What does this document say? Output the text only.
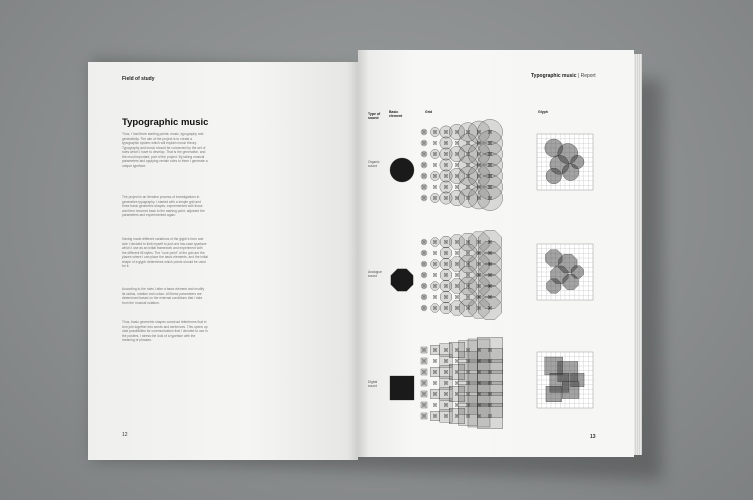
Field of study
Typographic music
Thus, I had three starting points: music, typography and generativity. The aim of the project is to create a typographic system which will explain music theory. Typography and music should be connected by the set of rules which I have to develop. That is the generative, and the most important, part of the project. By taking musical parameters and applying certain rules to them I generate a unique typeface.
The project is an iterative process of investigations in generative typography. I started with a simple grid and three basic geometric shapes, experimented with those and then recurred back to the starting point, adjusted the parameters and experimented again.
Having made different variations of the glyph's form and size I decided to limit myself to just one low-case typeface which I use as an initial framework and experiment with the different fill styles. The "core point" of the grid are the places where I can place the basic elements, and the initial shape of a glyph determines which points should be used for it.
According to the rules I alter a basic element and modify its radius, rotation and colour. All these parameters are determined based on the external conditions that I take from the musical notation.
Thus, basic geometric shapes construct letterforms that in turn join together into words and sentences. This opens up vast possibilities for communication that I decided to use in the posters. I stress the look of a typeface with the meaning of phrases.
12
Typographic music | Report
Type of sound
Basic element
Grid	Glyph
Organic sound
Analogue sound
Digital sound
13
